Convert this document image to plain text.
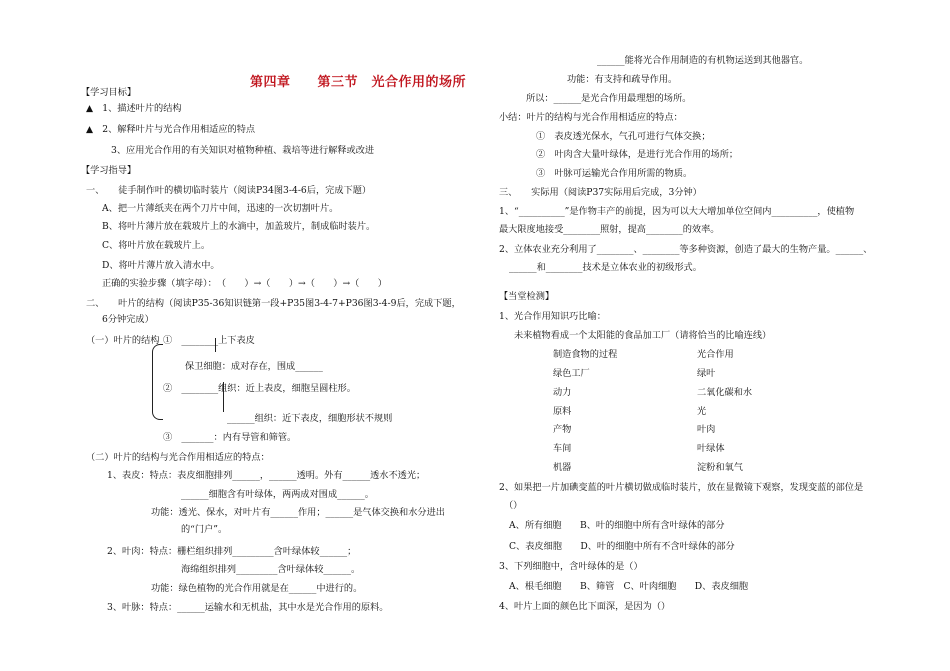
第四章　　第三节　光合作用的场所
【学习目标】
▲　1、描述叶片的结构
▲　2、解释叶片与光合作用相适应的特点
3、应用光合作用的有关知识对植物种植、栽培等进行解释或改进
【学习指导】
一、　　徒手制作叶的横切临时装片（阅读P34图3-4-6后，完成下题）
A、把一片薄纸夹在两个刀片中间，迅速的一次切割叶片。
B、将叶片薄片放在载玻片上的水滴中，加盖玻片，制成临时装片。
C、将叶片放在载玻片上。
D、将叶片薄片放入清水中。
正确的实验步骤（填字母）：　（　　）→（　　）→（　　）→（　　）
二、　　叶片的结构（阅读P35-36知识链第一段+P35图3-4-7+P36图3-4-9后，完成下题，
6分钟完成）
（一）叶片的结构 ①　________上下表皮
保卫细胞：成对存在，围成______
②　________组织：近上表皮，细胞呈圆柱形。
______组织：近下表皮，细胞形状不规则
③　_______：内有导管和筛管。
（二）叶片的结构与光合作用相适应的特点：
1、表皮：特点：表皮细胞排列______，______透明。外有______透水不透光；
______细胞含有叶绿体，两两成对围成______。
功能：透光、保水，对叶片有______作用；______是气体交换和水分进出
的“门户”。
2、叶肉：特点：栅栏组织排列_________含叶绿体较______；
海绵组织排列_________含叶绿体较______。
功能：绿色植物的光合作用就是在______中进行的。
3、叶脉：特点：______运输水和无机盐，其中水是光合作用的原料。
______能将光合作用制造的有机物运送到其他器官。
功能：有支持和疏导作用。
所以：______是光合作用最理想的场所。
小结：叶片的结构与光合作用相适应的特点：
①　表皮透光保水，气孔可进行气体交换；
②　叶肉含大量叶绿体，是进行光合作用的场所；
③　叶脉可运输光合作用所需的物质。
三、　　实际用（阅读P37实际用后完成，3分钟）
1、“__________”是作物丰产的前提，因为可以大大增加单位空间内__________，使植物
最大限度地接受________照射，提高________的效率。
2、立体农业充分利用了________、________等多种资源，创造了最大的生物产量。______、
______和________技术是立体农业的初级形式。
【当堂检测】
1、光合作用知识巧比喻：
未来植物看成一个太阳能的食品加工厂（请将恰当的比喻连线）
制造食物的过程
绿色工厂
动力
原料
产物
车间
机器
光合作用
绿叶
二氧化碳和水
光
叶肉
叶绿体
淀粉和氧气
2、如果把一片加碘变蓝的叶片横切做成临时装片，放在显微镜下观察，发现变蓝的部位是
（）
A、所有细胞　　B、叶的细胞中所有含叶绿体的部分
C、表皮细胞　　D、叶的细胞中所有不含叶绿体的部分
3、下列细胞中，含叶绿体的是（）
A、根毛细胞　　B、筛管　C、叶肉细胞　　D、表皮细胞
4、叶片上面的颜色比下面深，是因为（）
